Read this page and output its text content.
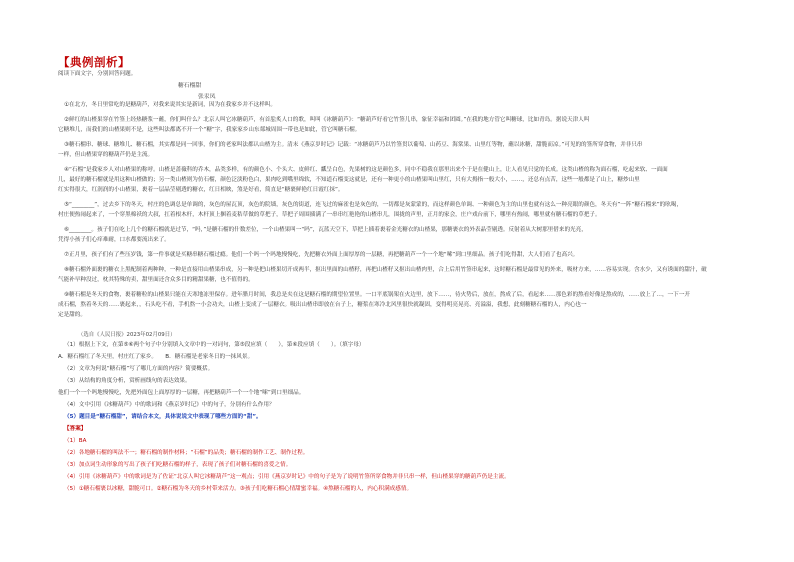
【典例剖析】
阅读下面文字，分别回答问题。
糖石榴甜
张汞凤
①在北方，冬日里常吃的是糖葫芦，对我来说其实是新词，因为在我家乡并不这样叫。
②鲜红的山楂果穿在竹签上经热糖浆一蘸，你们叫什么？北京人叫它冰糖葫芦，有首脍炙人口的歌，叫叫《冰糖葫芦》：“糖葫芦好看它竹签儿串，象征幸福和团圆。”在我的地方管它叫糖球，比如青岛。据说天津人叫
它糖堆儿，而我们的山楂果则不是，这些叫法都离不开一个“糖”字，我家家乡山东郯城周围一带也是如此，管它叫糖石榴。
③糖石榴串、糖球、糖堆儿、糖石榴，其实都是同一回事，你们的老家叫法都认山楂为主。清末《燕京岁时记》记载：“冰糖葫芦乃以竹签贯以葡萄、山药豆、海棠果、山里红等物，蘸以冰糖，甜脆而凉。”可见的的签所穿食物，并非只串
一样，但山楂果穿的糖葫芦仍是主流。
④“石榴”是我家乡人对山楂果的称呼。山楂是蔷薇科的乔木，品类多样，有的颜色小、个头大、皮鲜红、瓤呈白色，先果树的这是颜色多，同中不稳我在那里出来个于是在健山上，让人看见只觉的长成。这类山楂的称为面石榴，吃起来软、一面面
儿，最好的糖石榴就是用这种山楂做的；另一类山楂则为仿石榴，颜色泛淡粉色白，果肉吃到嘴里绵软，不知道石榴变这就是，还有一种更小的山楂果叫山里红，只有大拇指一般大小，……，还总有点苦，这些一般都是了山上，糖炒山里
红实得很大，红润润的小山楂果，裹着一层晶莹剔透的糖衣，红日相映，煞是好看，简直是“糖裹鲜艳红日霞红抹”。
⑤“________”，过去乡下的冬天，村庄的色调总是单调的，灰色的屋瓦顶，灰色的院墙，灰色的街道，连飞过的麻雀也是灰色的，一切都是灰蒙蒙的，而这样颜色单调、一种颜色为主的山里也就有这么一种亮眼的颜色，冬天有”一阵“糖石榴来”的吆喝，
村庄便热闹起来了，一个穿黑棉袄的大叔，扛着根木杆，木杆顶上捆着麦秸草做的草把子，草把子周围插满了一串串红艳艳的山楂串儿，围拢的声里，正月的家会，庄户戏台前下，哪里有热闹，哪里就有糖石榴的草把子。
⑥________。孩子们在吃上几个的糖石榴就是过节，“吗，”是糖石榴的什数差位，一个山楂果叫一“吗”，瓦蓝天空下，草把上插着裹着金光糖衣的山楂果，那糖裹衣的外表晶莹剔透。反射着从大树那里借来的光亮，
凭得小孩子们心痒难耐，口水都要流出来了。
⑦正月里，孩子们有了些压岁钱，第一件事就是买糖串糖石榴过瘾。他们一个吗一个吗地慢慢吃，先把糖衣外面上面厚厚的一层糖，再把糖葫芦一个一个地“嗦”到口里细品。孩子们吃得甜，大人们看了也高兴。
⑧糖石榴外面裹的糖衣上黑配制着两种种，一种是直接用山楂果串成，另一种是把山楂果切开成两半，抠出里面的山楂籽，再把山楂籽又抠出山楂肉里，合上后用竹签串起来，这时糖石榴是最常见的外来，吸材方来，……容易实现。含水少，又有诱面的甜汁，破
气能补早种没过，枕其特殊的卖，甜里面还含众多目的精甜果糖，也不值得的。
⑨糖石榴是冬天的食物，裹着糖粒的山楂果只能在天寒地冻里保存。进年腊月时间，我总是夹在这是糖石榴的期望位置里。一口平底锅架在火边里，放下……，待火势后，放在，熬成了后，看起来……那色彩的熬看好像是熬成的，……放上了…，一下一开
成石榴，熬着冬天的……裹起来，，石头吃不看，手机熬一小会功夫，山楂上变成了一层糖衣。吸出山楂串即放在台子上，糖浆在寒冷北风里很快就凝固，变得明亮晃亮、亮溢溢，我想，此刻糖糖石榴的人，内心也一
定是甜的。
（选自《人民日报》2023年02月09日）
（1）根据上下文，在第⑤⑥两个句子中分别填入文章中的一对词句，第⑤段应填（　　），第⑥段应填（　　）。（填字母）
A．糖石榴红了冬天里，村庄红了家乡。　　B．糖石榴是老家冬日的一抹风景。
（2）文章为何说“糖石榴”写了哪几方面的内容？简要概括。
（3）从结构的角度分析，赏析画线句的表达效果。
他们一个一个吗地慢慢吃，先把外面包上面厚厚的一层糖，再把糖葫芦一个一个地“嗦”到口里细品。
（4）文中引用《冰糖葫芦》中的歌词和《燕京岁时记》中的句子，分别有什么作用？
（5）题目是“糖石榴甜”，请结合本文，具体说说文中表现了哪些方面的“甜”。
【答案】
（1）BA
（2）各地糖石榴的叫法不一；糖石榴的制作材料；“石榴”的品类；糖石榴的制作工艺、制作过程。
（3）加点词生动形象的写出了孩子们吃糖石榴的样子，表现了孩子们对糖石榴的喜爱之情。
（4）引用《冰糖葫芦》中的歌词是为了佐证“北京人叫它冰糖葫芦”这一观点；引用《燕京岁时记》中的句子是为了说明竹签所穿食物并非只串一样，但山楂果穿的糖葫芦仍是主流。
（5）①糖石榴裹以冰糖，甜脆可口。②糖石榴为冬天的乡村带来活力。③孩子们吃糖石榴心情甜蜜幸福。④熬糖石榴的人，内心积满成感情。
